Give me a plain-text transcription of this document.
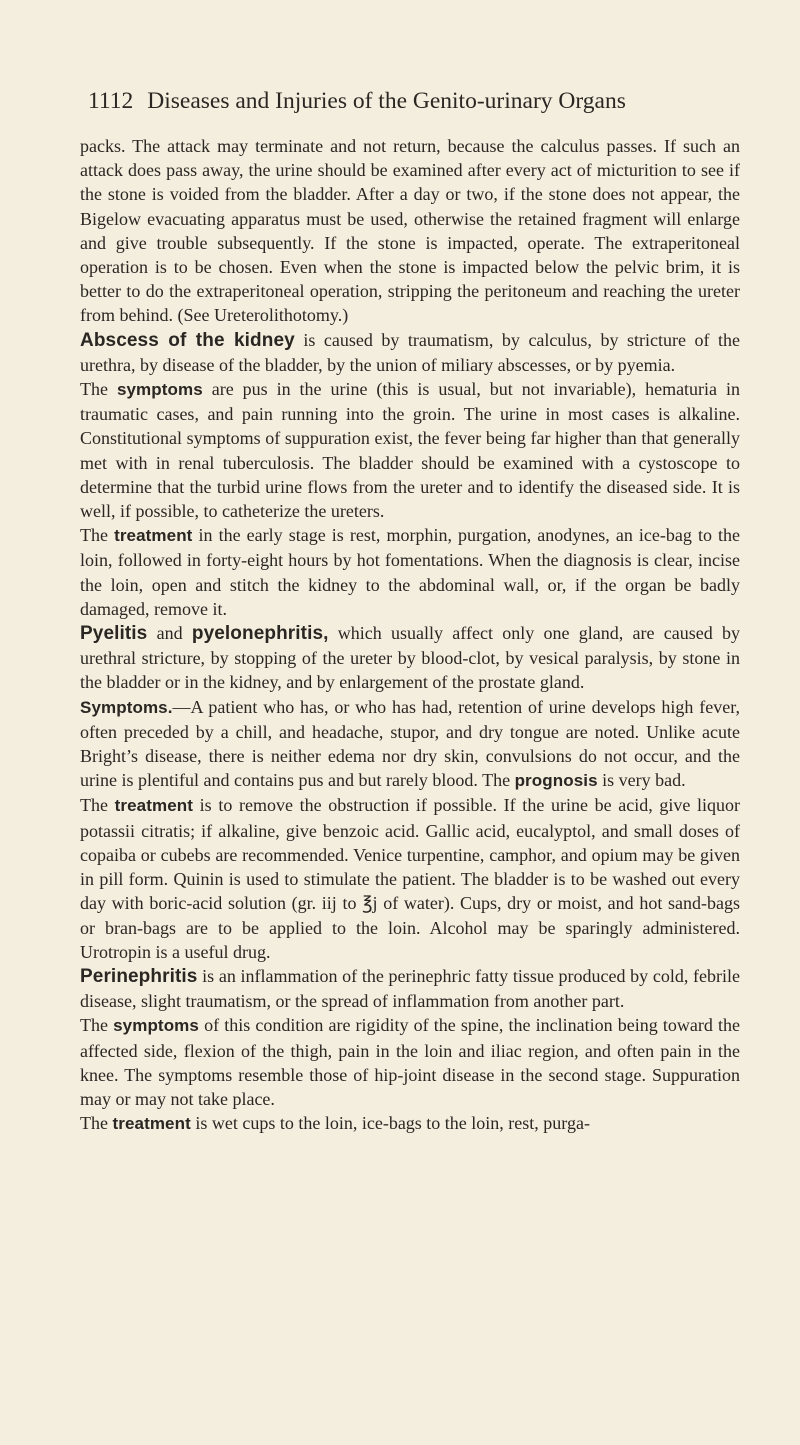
1112 Diseases and Injuries of the Genito-urinary Organs

packs. The attack may terminate and not return, because the calculus passes. If such an attack does pass away, the urine should be examined after every act of micturition to see if the stone is voided from the bladder. After a day or two, if the stone does not appear, the Bigelow evacuating apparatus must be used, otherwise the retained fragment will enlarge and give trouble subsequently. If the stone is impacted, operate. The extraperitoneal operation is to be chosen. Even when the stone is impacted below the pelvic brim, it is better to do the extraperitoneal operation, stripping the peritoneum and reaching the ureter from behind. (See Ureterolithotomy.)

Abscess of the kidney is caused by traumatism, by calculus, by stricture of the urethra, by disease of the bladder, by the union of miliary abscesses, or by pyemia.

The symptoms are pus in the urine (this is usual, but not invariable), hematuria in traumatic cases, and pain running into the groin. The urine in most cases is alkaline. Constitutional symptoms of suppuration exist, the fever being far higher than that generally met with in renal tuberculosis. The bladder should be examined with a cystoscope to determine that the turbid urine flows from the ureter and to identify the diseased side. It is well, if possible, to catheterize the ureters.

The treatment in the early stage is rest, morphin, purgation, anodynes, an ice-bag to the loin, followed in forty-eight hours by hot fomentations. When the diagnosis is clear, incise the loin, open and stitch the kidney to the abdominal wall, or, if the organ be badly damaged, remove it.

Pyelitis and pyelonephritis, which usually affect only one gland, are caused by urethral stricture, by stopping of the ureter by blood-clot, by vesical paralysis, by stone in the bladder or in the kidney, and by enlargement of the prostate gland.

Symptoms.—A patient who has, or who has had, retention of urine develops high fever, often preceded by a chill, and headache, stupor, and dry tongue are noted. Unlike acute Bright’s disease, there is neither edema nor dry skin, convulsions do not occur, and the urine is plentiful and contains pus and but rarely blood. The prognosis is very bad.

The treatment is to remove the obstruction if possible. If the urine be acid, give liquor potassii citratis; if alkaline, give benzoic acid. Gallic acid, eucalyptol, and small doses of copaiba or cubebs are recommended. Venice turpentine, camphor, and opium may be given in pill form. Quinin is used to stimulate the patient. The bladder is to be washed out every day with boric-acid solution (gr. iij to ℥j of water). Cups, dry or moist, and hot sand-bags or bran-bags are to be applied to the loin. Alcohol may be sparingly administered. Urotropin is a useful drug.

Perinephritis is an inflammation of the perinephric fatty tissue produced by cold, febrile disease, slight traumatism, or the spread of inflammation from another part.

The symptoms of this condition are rigidity of the spine, the inclination being toward the affected side, flexion of the thigh, pain in the loin and iliac region, and often pain in the knee. The symptoms resemble those of hip-joint disease in the second stage. Suppuration may or may not take place.

The treatment is wet cups to the loin, ice-bags to the loin, rest, purga-
